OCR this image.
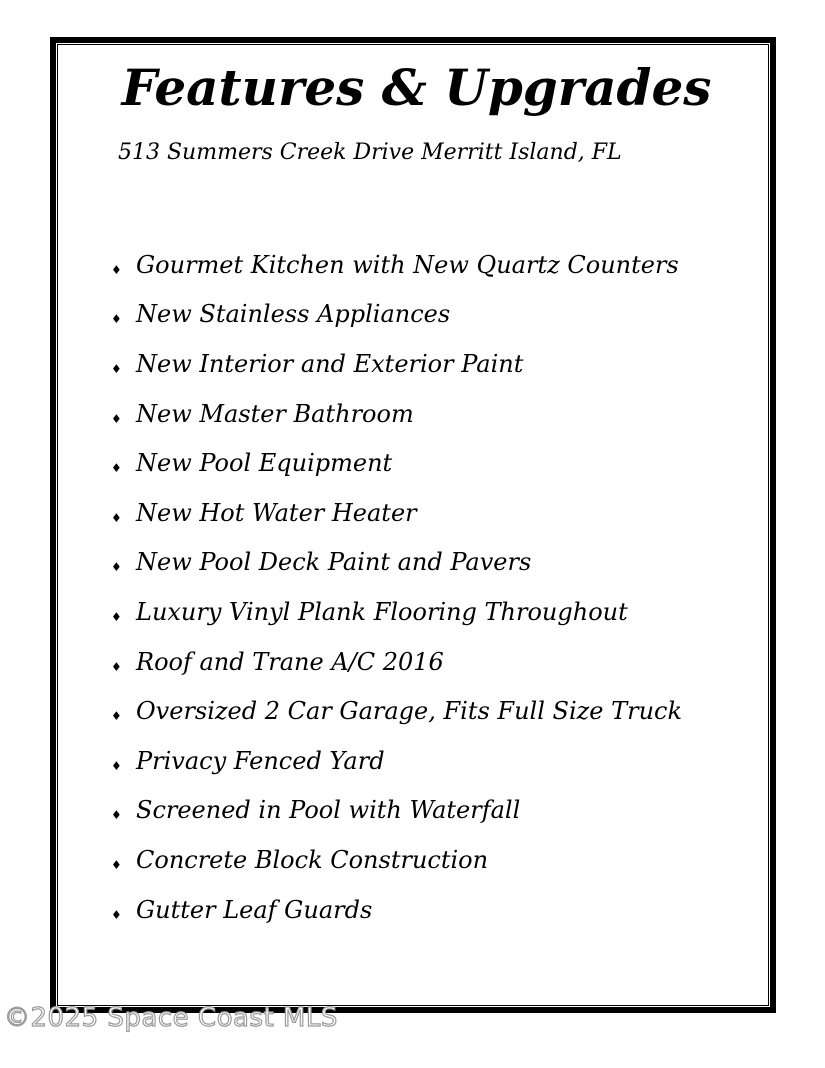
Features & Upgrades

513 Summers Creek Drive Merritt Island, FL

♦ Gourmet Kitchen with New Quartz Counters
♦ New Stainless Appliances
♦ New Interior and Exterior Paint
♦ New Master Bathroom
♦ New Pool Equipment
♦ New Hot Water Heater
♦ New Pool Deck Paint and Pavers
♦ Luxury Vinyl Plank Flooring Throughout
♦ Roof and Trane A/C 2016
♦ Oversized 2 Car Garage, Fits Full Size Truck
♦ Privacy Fenced Yard
♦ Screened in Pool with Waterfall
♦ Concrete Block Construction
♦ Gutter Leaf Guards
©2025 Space Coast MLS
